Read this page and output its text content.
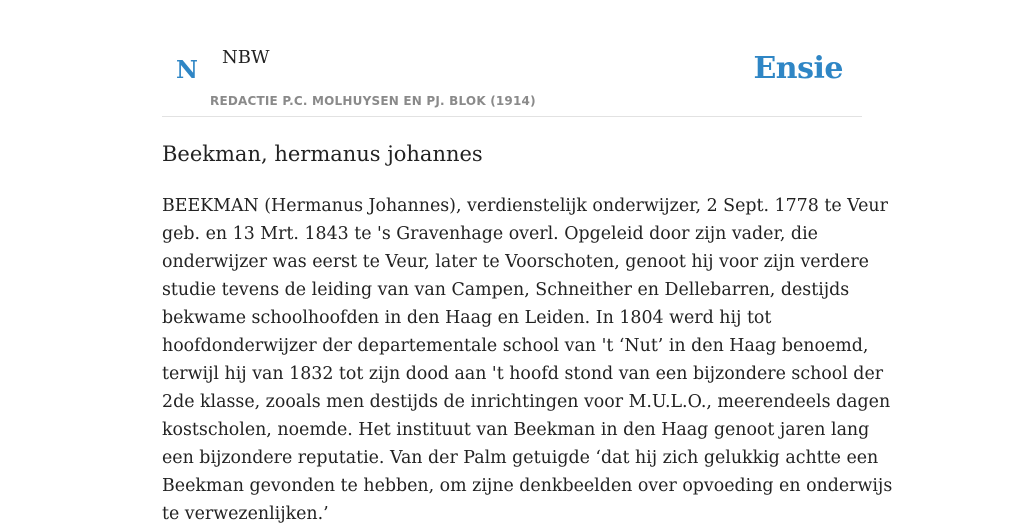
N NBW
REDACTIE P.C. MOLHUYSEN EN PJ. BLOK (1914)
Ensie
Beekman, hermanus johannes
BEEKMAN (Hermanus Johannes), verdienstelijk onderwijzer, 2 Sept. 1778 te Veur
geb. en 13 Mrt. 1843 te 's Gravenhage overl. Opgeleid door zijn vader, die
onderwijzer was eerst te Veur, later te Voorschoten, genoot hij voor zijn verdere
studie tevens de leiding van van Campen, Schneither en Dellebarren, destijds
bekwame schoolhoofden in den Haag en Leiden. In 1804 werd hij tot
hoofdonderwijzer der departementale school van 't ‘Nut’ in den Haag benoemd,
terwijl hij van 1832 tot zijn dood aan 't hoofd stond van een bijzondere school der
2de klasse, zooals men destijds de inrichtingen voor M.U.L.O., meerendeels dagen
kostscholen, noemde. Het instituut van Beekman in den Haag genoot jaren lang
een bijzondere reputatie. Van der Palm getuigde ‘dat hij zich gelukkig achtte een
Beekman gevonden te hebben, om zijne denkbeelden over opvoeding en onderwijs
te verwezenlijken.’
